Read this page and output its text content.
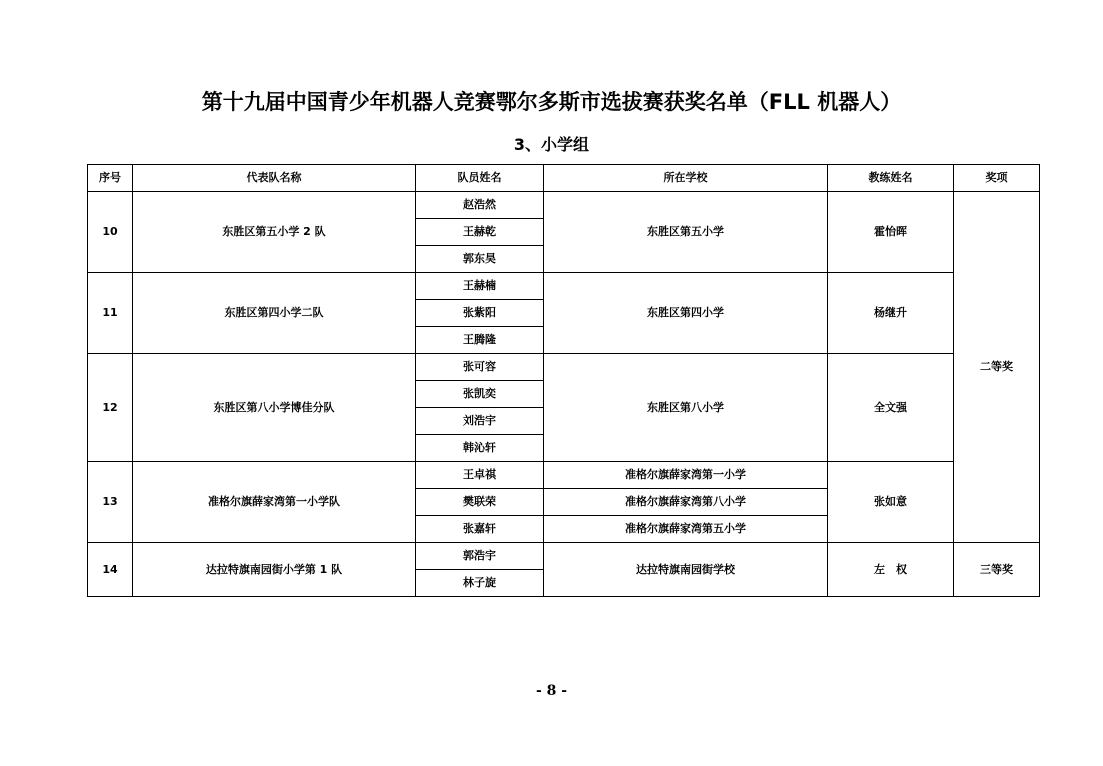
第十九届中国青少年机器人竞赛鄂尔多斯市选拔赛获奖名单（FLL 机器人）
3、小学组
序号	代表队名称	队员姓名	所在学校	教练姓名	奖项
10	东胜区第五小学 2 队	赵浩然	东胜区第五小学	霍怡晖	二等奖
		王赫乾			
		郭东昊			
11	东胜区第四小学二队	王赫楠	东胜区第四小学	杨继升	
		张紫阳			
		王腾隆			
12	东胜区第八小学博佳分队	张可容	东胜区第八小学	全文强	
		张凯奕			
		刘浩宇			
		韩沁轩			
13	准格尔旗薛家湾第一小学队	王卓祺	准格尔旗薛家湾第一小学	张如意	
		樊联荣	准格尔旗薛家湾第八小学		
		张嘉轩	准格尔旗薛家湾第五小学		
14	达拉特旗南园街小学第 1 队	郭浩宇	达拉特旗南园街学校	左　权	三等奖
		林子旋			
- 8 -
